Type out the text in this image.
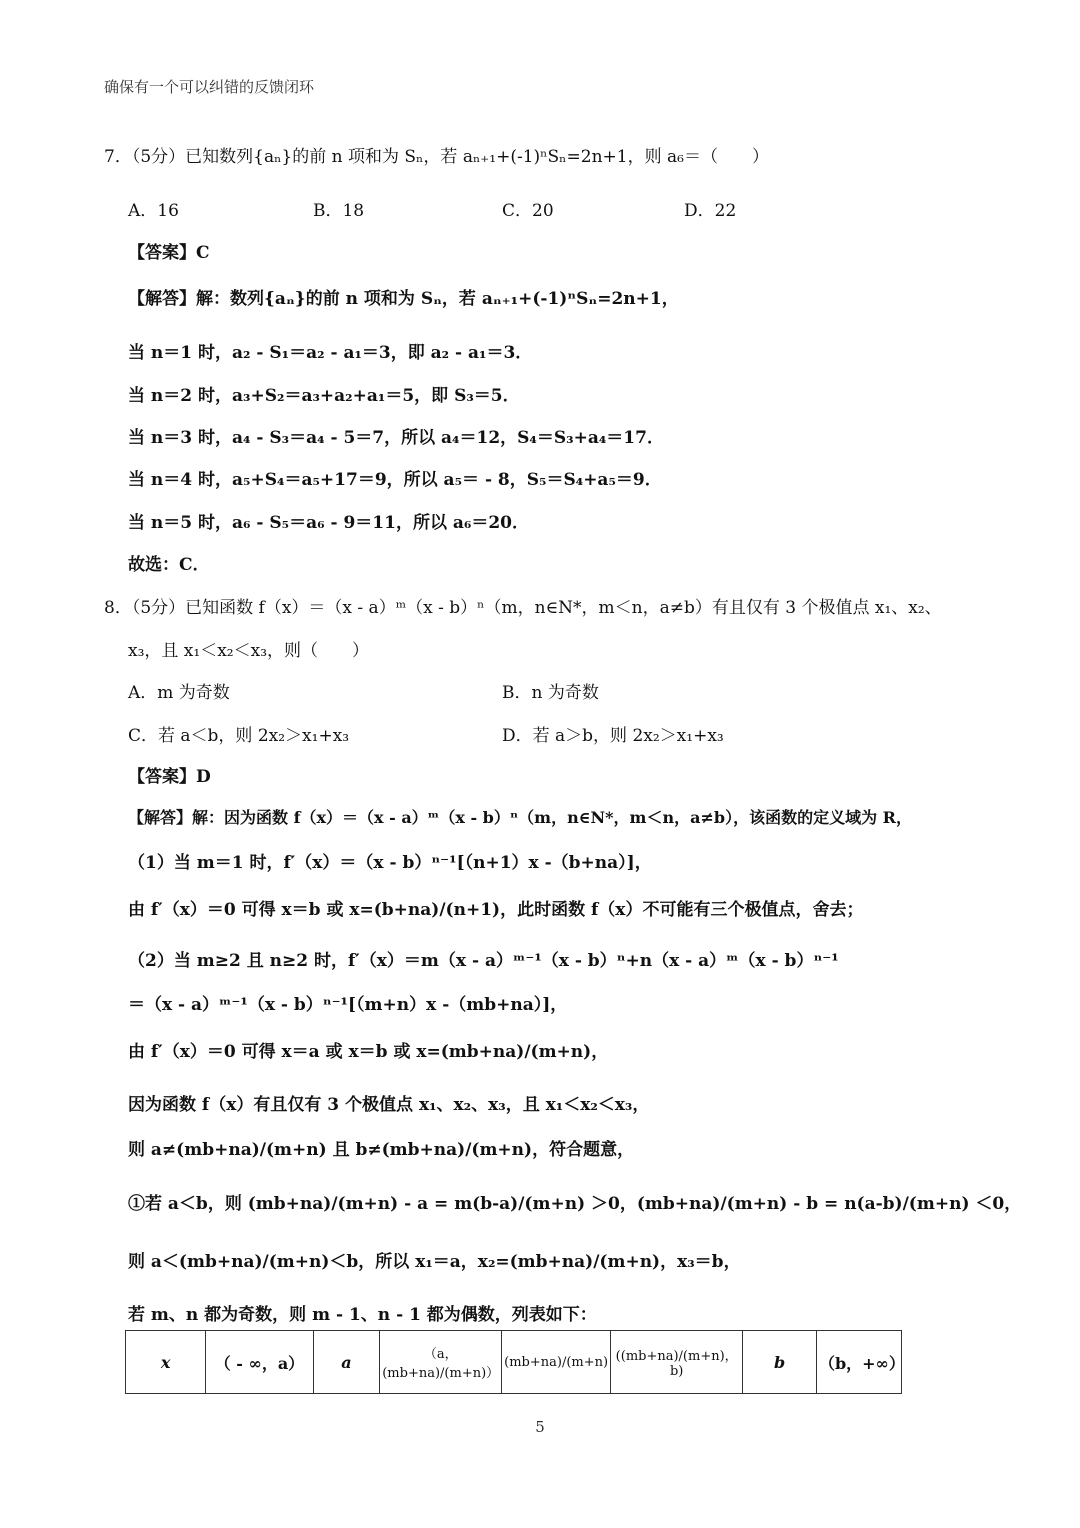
确保有一个可以纠错的反馈闭环
7．（5分）已知数列{aₙ}的前 n 项和为 Sₙ，若 aₙ₊₁+(-1)ⁿSₙ=2n+1，则 a₆＝（　　）
A．16	B．18	C．20	D．22
【答案】C
【解答】解：数列{aₙ}的前 n 项和为 Sₙ，若 aₙ₊₁+(-1)ⁿSₙ=2n+1，
当 n＝1 时，a₂ - S₁＝a₂ - a₁＝3，即 a₂ - a₁＝3．
当 n＝2 时，a₃+S₂＝a₃+a₂+a₁＝5，即 S₃＝5．
当 n＝3 时，a₄ - S₃＝a₄ - 5＝7，所以 a₄＝12，S₄＝S₃+a₄＝17．
当 n＝4 时，a₅+S₄＝a₅+17＝9，所以 a₅＝ - 8，S₅＝S₄+a₅＝9．
当 n＝5 时，a₆ - S₅＝a₆ - 9＝11，所以 a₆＝20．
故选：C．
8．（5分）已知函数 f（x）＝（x - a）ᵐ（x - b）ⁿ（m，n∈N*，m＜n，a≠b）有且仅有 3 个极值点 x₁、x₂、
x₃，且 x₁＜x₂＜x₃，则（　　）
A．m 为奇数	B．n 为奇数
C．若 a＜b，则 2x₂＞x₁+x₃	D．若 a＞b，则 2x₂＞x₁+x₃
【答案】D
【解答】解：因为函数 f（x）＝（x - a）ᵐ（x - b）ⁿ（m，n∈N*，m＜n，a≠b），该函数的定义域为 R，
（1）当 m＝1 时，f′（x）＝（x - b）ⁿ⁻¹[（n+1）x -（b+na）]，
由 f′（x）＝0 可得 x＝b 或 x=(b+na)/(n+1)，此时函数 f（x）不可能有三个极值点，舍去；
（2）当 m≥2 且 n≥2 时，f′（x）＝m（x - a）ᵐ⁻¹（x - b）ⁿ+n（x - a）ᵐ（x - b）ⁿ⁻¹
＝（x - a）ᵐ⁻¹（x - b）ⁿ⁻¹[（m+n）x -（mb+na）]，
由 f′（x）＝0 可得 x＝a 或 x＝b 或 x=(mb+na)/(m+n)，
因为函数 f（x）有且仅有 3 个极值点 x₁、x₂、x₃，且 x₁＜x₂＜x₃，
则 a≠(mb+na)/(m+n) 且 b≠(mb+na)/(m+n)，符合题意，
①若 a＜b，则 (mb+na)/(m+n) - a = m(b-a)/(m+n) ＞0，(mb+na)/(m+n) - b = n(a-b)/(m+n) ＜0，
则 a＜(mb+na)/(m+n)＜b，所以 x₁＝a，x₂=(mb+na)/(m+n)，x₃＝b，
若 m、n 都为奇数，则 m - 1、n - 1 都为偶数，列表如下：
x	（ - ∞，a）	a	（a，(mb+na)/(m+n)）	(mb+na)/(m+n)	((mb+na)/(m+n)，b)	b	（b，+∞）
5
